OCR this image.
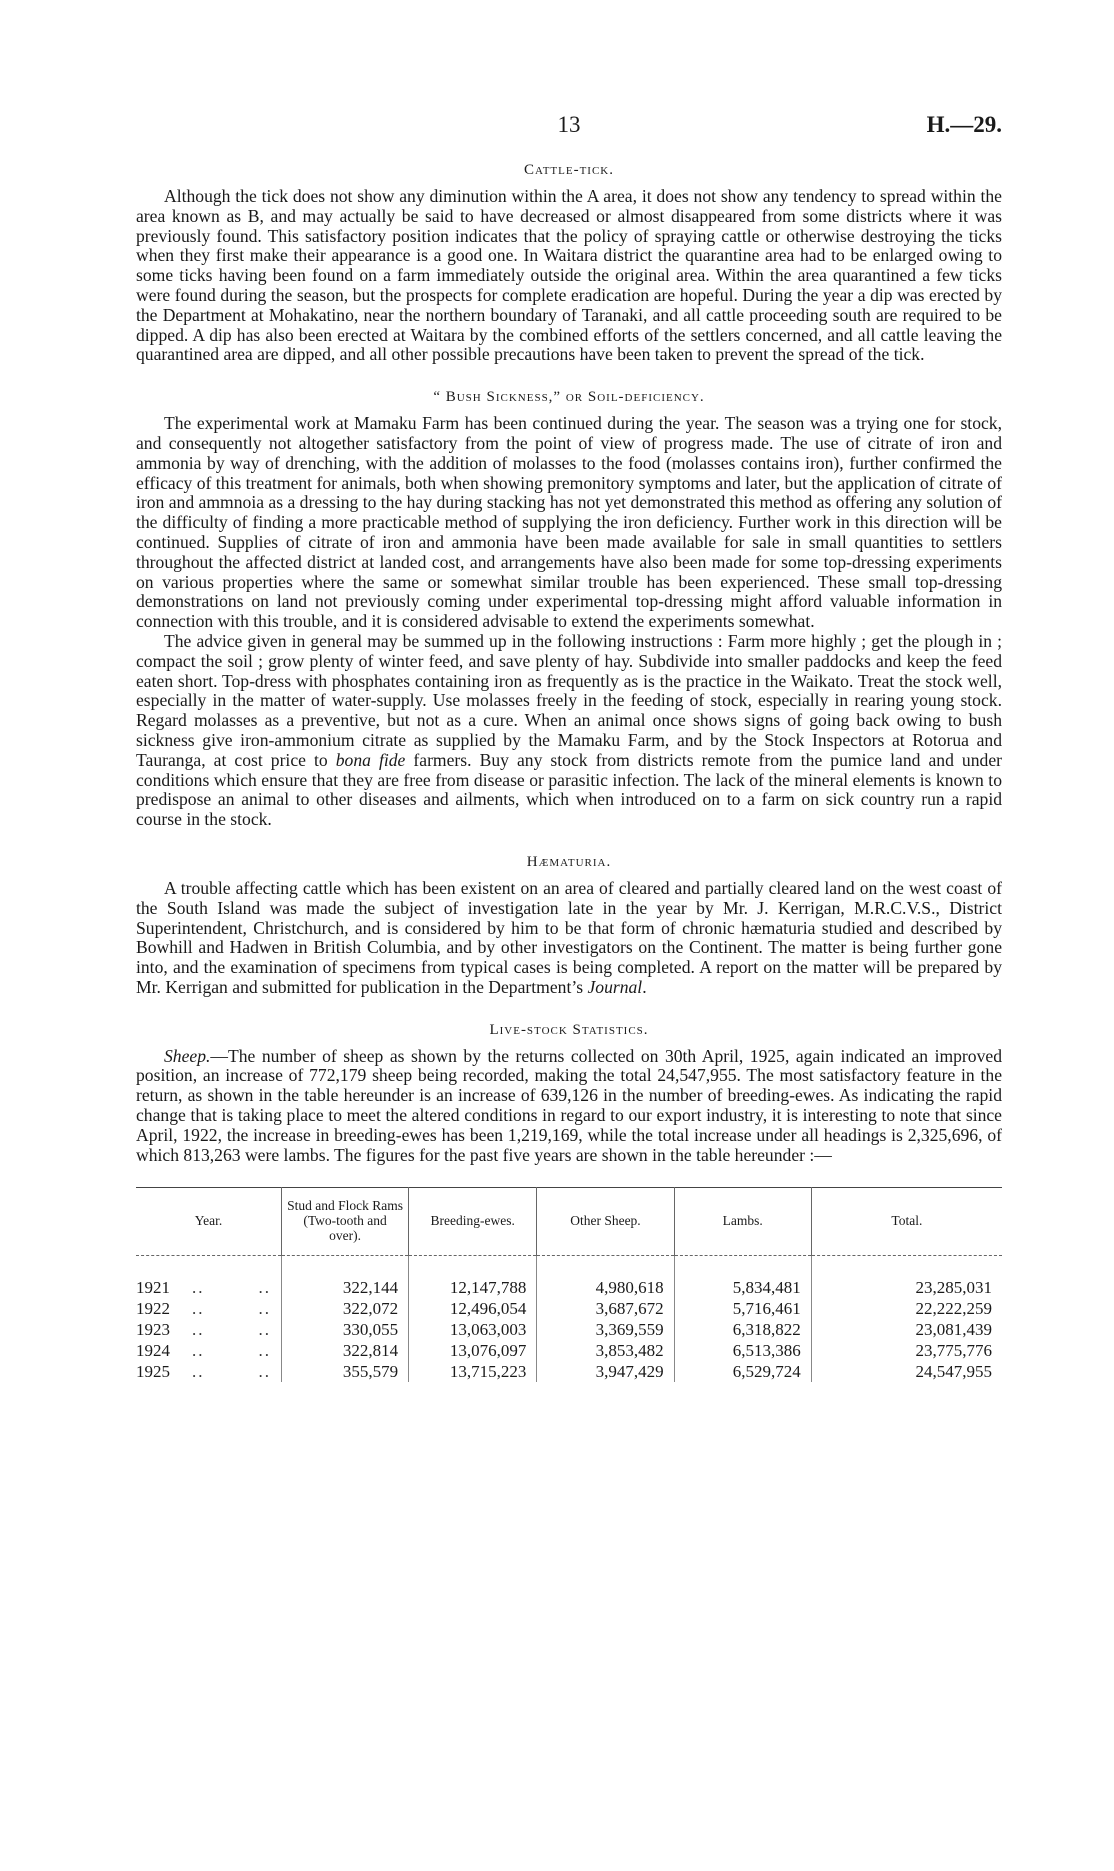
13	H.—29.
Cattle-tick.

Although the tick does not show any diminution within the A area, it does not show any tendency to spread within the area known as B, and may actually be said to have decreased or almost disappeared from some districts where it was previously found. This satisfactory position indicates that the policy of spraying cattle or otherwise destroying the ticks when they first make their appearance is a good one. In Waitara district the quarantine area had to be enlarged owing to some ticks having been found on a farm immediately outside the original area. Within the area quarantined a few ticks were found during the season, but the prospects for complete eradication are hopeful. During the year a dip was erected by the Department at Mohakatino, near the northern boundary of Taranaki, and all cattle proceeding south are required to be dipped. A dip has also been erected at Waitara by the combined efforts of the settlers concerned, and all cattle leaving the quarantined area are dipped, and all other possible precautions have been taken to prevent the spread of the tick.

“ Bush Sickness,” or Soil-deficiency.

The experimental work at Mamaku Farm has been continued during the year. The season was a trying one for stock, and consequently not altogether satisfactory from the point of view of progress made. The use of citrate of iron and ammonia by way of drenching, with the addition of molasses to the food (molasses contains iron), further confirmed the efficacy of this treatment for animals, both when showing premonitory symptoms and later, but the application of citrate of iron and ammnoia as a dressing to the hay during stacking has not yet demonstrated this method as offering any solution of the difficulty of finding a more practicable method of supplying the iron deficiency. Further work in this direction will be continued. Supplies of citrate of iron and ammonia have been made available for sale in small quantities to settlers throughout the affected district at landed cost, and arrangements have also been made for some top-dressing experiments on various properties where the same or somewhat similar trouble has been experienced. These small top-dressing demonstrations on land not previously coming under experimental top-dressing might afford valuable information in connection with this trouble, and it is considered advisable to extend the experiments somewhat.

The advice given in general may be summed up in the following instructions : Farm more highly ; get the plough in ; compact the soil ; grow plenty of winter feed, and save plenty of hay. Subdivide into smaller paddocks and keep the feed eaten short. Top-dress with phosphates containing iron as frequently as is the practice in the Waikato. Treat the stock well, especially in the matter of water-supply. Use molasses freely in the feeding of stock, especially in rearing young stock. Regard molasses as a preventive, but not as a cure. When an animal once shows signs of going back owing to bush sickness give iron-ammonium citrate as supplied by the Mamaku Farm, and by the Stock Inspectors at Rotorua and Tauranga, at cost price to bona fide farmers. Buy any stock from districts remote from the pumice land and under conditions which ensure that they are free from disease or parasitic infection. The lack of the mineral elements is known to predispose an animal to other diseases and ailments, which when introduced on to a farm on sick country run a rapid course in the stock.

Hæmaturia.

A trouble affecting cattle which has been existent on an area of cleared and partially cleared land on the west coast of the South Island was made the subject of investigation late in the year by Mr. J. Kerrigan, M.R.C.V.S., District Superintendent, Christchurch, and is considered by him to be that form of chronic hæmaturia studied and described by Bowhill and Hadwen in British Columbia, and by other investigators on the Continent. The matter is being further gone into, and the examination of specimens from typical cases is being completed. A report on the matter will be prepared by Mr. Kerrigan and submitted for publication in the Department’s Journal.

Live-stock Statistics.

Sheep.—The number of sheep as shown by the returns collected on 30th April, 1925, again indicated an improved position, an increase of 772,179 sheep being recorded, making the total 24,547,955. The most satisfactory feature in the return, as shown in the table hereunder is an increase of 639,126 in the number of breeding-ewes. As indicating the rapid change that is taking place to meet the altered conditions in regard to our export industry, it is interesting to note that since April, 1922, the increase in breeding-ewes has been 1,219,169, while the total increase under all headings is 2,325,696, of which 813,263 were lambs. The figures for the past five years are shown in the table hereunder :—

Year.	Stud and Flock Rams (Two-tooth and over).	Breeding-ewes.	Other Sheep.	Lambs.	Total.
1921 .. ..	322,144	12,147,788	4,980,618	5,834,481	23,285,031
1922 .. ..	322,072	12,496,054	3,687,672	5,716,461	22,222,259
1923 .. ..	330,055	13,063,003	3,369,559	6,318,822	23,081,439
1924 .. ..	322,814	13,076,097	3,853,482	6,513,386	23,775,776
1925 .. ..	355,579	13,715,223	3,947,429	6,529,724	24,547,955
